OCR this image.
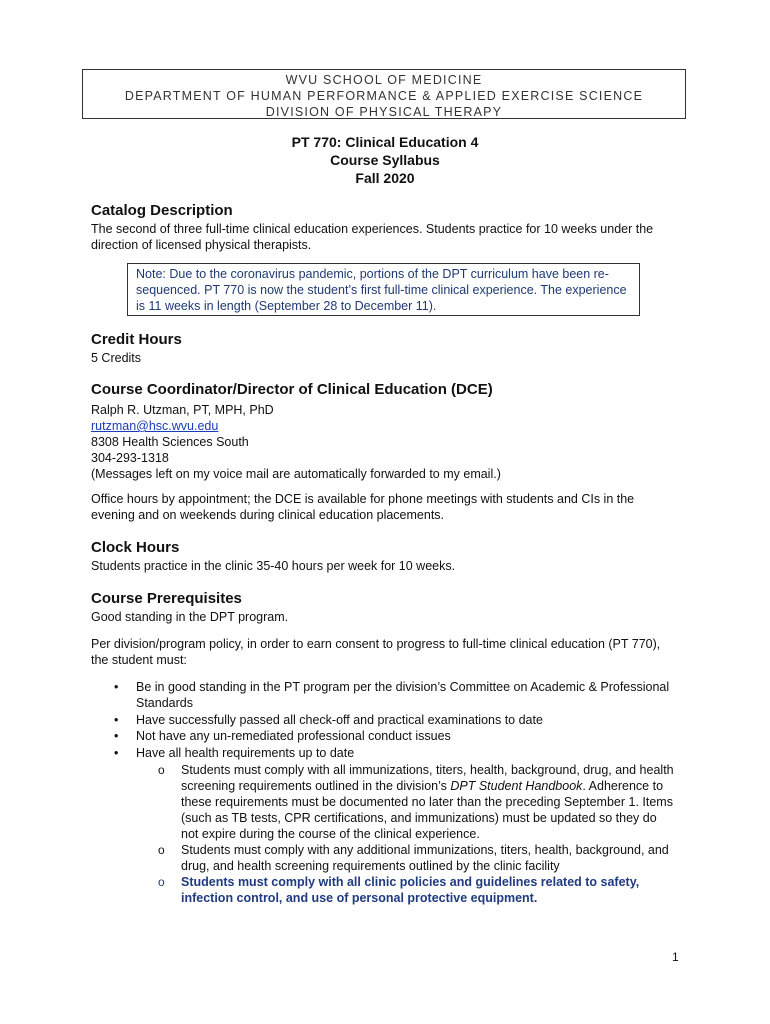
WVU SCHOOL OF MEDICINE
DEPARTMENT OF HUMAN PERFORMANCE & APPLIED EXERCISE SCIENCE
DIVISION OF PHYSICAL THERAPY
PT 770: Clinical Education 4
Course Syllabus
Fall 2020
Catalog Description
The second of three full-time clinical education experiences. Students practice for 10 weeks under the
direction of licensed physical therapists.
Note: Due to the coronavirus pandemic, portions of the DPT curriculum have been re-
sequenced. PT 770 is now the student’s first full-time clinical experience. The experience
is 11 weeks in length (September 28 to December 11).
Credit Hours
5 Credits
Course Coordinator/Director of Clinical Education (DCE)
Ralph R. Utzman, PT, MPH, PhD
rutzman@hsc.wvu.edu
8308 Health Sciences South
304-293-1318
(Messages left on my voice mail are automatically forwarded to my email.)
Office hours by appointment; the DCE is available for phone meetings with students and CIs in the
evening and on weekends during clinical education placements.
Clock Hours
Students practice in the clinic 35-40 hours per week for 10 weeks.
Course Prerequisites
Good standing in the DPT program.
Per division/program policy, in order to earn consent to progress to full-time clinical education (PT 770),
the student must:
• Be in good standing in the PT program per the division’s Committee on Academic & Professional
Standards
• Have successfully passed all check-off and practical examinations to date
• Not have any un-remediated professional conduct issues
• Have all health requirements up to date
o Students must comply with all immunizations, titers, health, background, drug, and health
screening requirements outlined in the division’s DPT Student Handbook. Adherence to
these requirements must be documented no later than the preceding September 1. Items
(such as TB tests, CPR certifications, and immunizations) must be updated so they do
not expire during the course of the clinical experience.
o Students must comply with any additional immunizations, titers, health, background, and
drug, and health screening requirements outlined by the clinic facility
o Students must comply with all clinic policies and guidelines related to safety,
infection control, and use of personal protective equipment.
1
